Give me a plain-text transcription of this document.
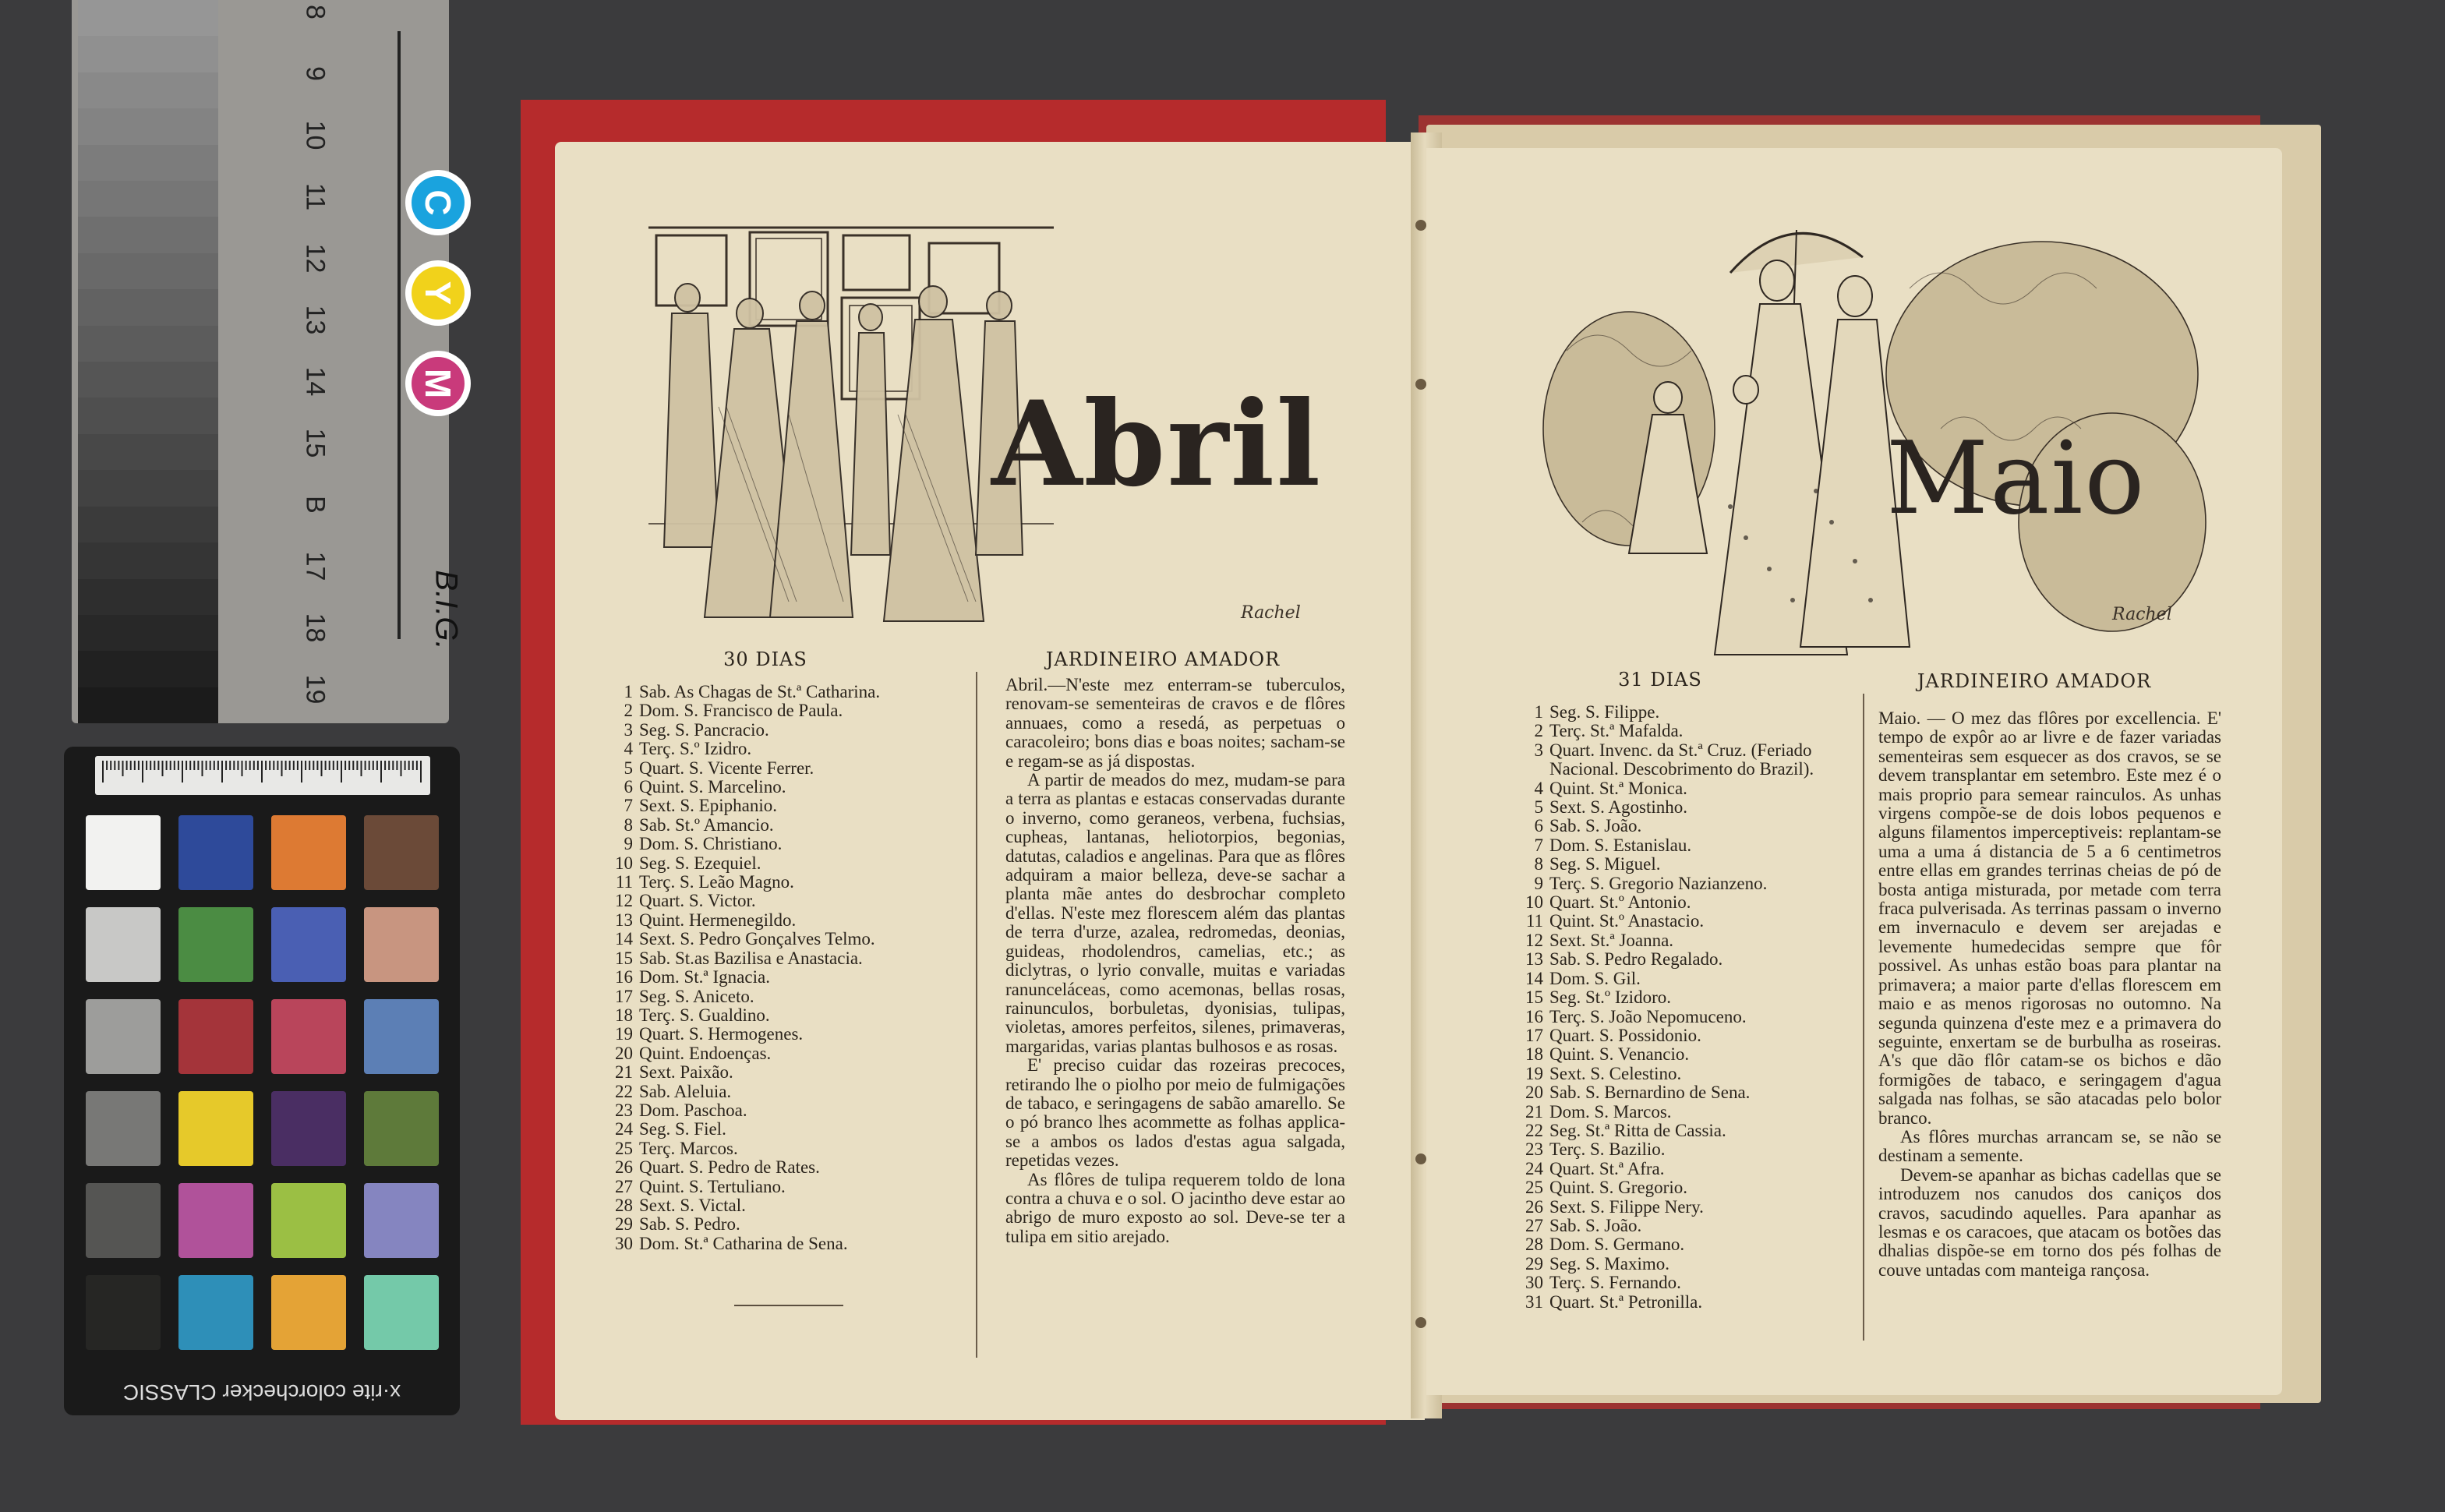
8
9
10
11
12
13
14
15
B
17
18
19
C
Y
M
B.I.G.
x·rite colorchecker CLASSIC
Abril
Rachel
30 DIAS	JARDINEIRO AMADOR
1 Sab. As Chagas de St.ª Catharina.
2 Dom. S. Francisco de Paula.
3 Seg. S. Pancracio.
4 Terç. S.º Izidro.
5 Quart. S. Vicente Ferrer.
6 Quint. S. Marcelino.
7 Sext. S. Epiphanio.
8 Sab. St.º Amancio.
9 Dom. S. Christiano.
10 Seg. S. Ezequiel.
11 Terç. S. Leão Magno.
12 Quart. S. Victor.
13 Quint. Hermenegildo.
14 Sext. S. Pedro Gonçalves Telmo.
15 Sab. St.as Bazilisa e Anastacia.
16 Dom. St.ª Ignacia.
17 Seg. S. Aniceto.
18 Terç. S. Gualdino.
19 Quart. S. Hermogenes.
20 Quint. Endoenças.
21 Sext. Paixão.
22 Sab. Aleluia.
23 Dom. Paschoa.
24 Seg. S. Fiel.
25 Terç. Marcos.
26 Quart. S. Pedro de Rates.
27 Quint. S. Tertuliano.
28 Sext. S. Victal.
29 Sab. S. Pedro.
30 Dom. St.ª Catharina de Sena.

Abril.—N'este mez enterram-se tuberculos, renovam-se sementeiras de cravos e de flôres annuaes, como a resedá, as perpetuas o caracoleiro; bons dias e boas noites; sacham-se e regam-se as já dispostas.

A partir de meados do mez, mudam-se para a terra as plantas e estacas conservadas durante o inverno, como geraneos, verbena, fuchsias, cupheas, lantanas, heliotorpios, begonias, datutas, caladios e angelinas. Para que as flôres adquiram a maior belleza, deve-se sachar a planta mãe antes do desbrochar completo d'ellas. N'este mez florescem além das plantas de terra d'urze, azalea, redromedas, deonias, guideas, rhodolendros, camelias, etc.; as diclytras, o lyrio convalle, muitas e variadas ranunceláceas, como acemonas, bellas rosas, rainunculos, borbuletas, dyonisias, tulipas, violetas, amores perfeitos, silenes, primaveras, margaridas, varias plantas bulhosos e as rosas.

E' preciso cuidar das rozeiras precoces, retirando lhe o piolho por meio de fulmigações de tabaco, e seringagens de sabão amarello. Se o pó branco lhes acommette as folhas applica-se a ambos os lados d'estas agua salgada, repetidas vezes.

As flôres de tulipa requerem toldo de lona contra a chuva e o sol. O jacintho deve estar ao abrigo de muro exposto ao sol. Deve-se ter a tulipa em sitio arejado.

Maio
Rachel
31 DIAS	JARDINEIRO AMADOR
1 Seg. S. Filippe.
2 Terç. St.ª Mafalda.
3 Quart. Invenc. da St.ª Cruz. (Feriado Nacional. Descobrimento do Brazil).
4 Quint. St.ª Monica.
5 Sext. S. Agostinho.
6 Sab. S. João.
7 Dom. S. Estanislau.
8 Seg. S. Miguel.
9 Terç. S. Gregorio Nazianzeno.
10 Quart. St.º Antonio.
11 Quint. St.º Anastacio.
12 Sext. St.ª Joanna.
13 Sab. S. Pedro Regalado.
14 Dom. S. Gil.
15 Seg. St.º Izidoro.
16 Terç. S. João Nepomuceno.
17 Quart. S. Possidonio.
18 Quint. S. Venancio.
19 Sext. S. Celestino.
20 Sab. S. Bernardino de Sena.
21 Dom. S. Marcos.
22 Seg. St.ª Ritta de Cassia.
23 Terç. S. Bazilio.
24 Quart. St.ª Afra.
25 Quint. S. Gregorio.
26 Sext. S. Filippe Nery.
27 Sab. S. João.
28 Dom. S. Germano.
29 Seg. S. Maximo.
30 Terç. S. Fernando.
31 Quart. St.ª Petronilla.

Maio. — O mez das flôres por excellencia. E' tempo de expôr ao ar livre e de fazer variadas sementeiras sem esquecer as dos cravos, se se devem transplantar em setembro. Este mez é o mais proprio para semear rainculos. As unhas virgens compõe-se de dois lobos pequenos e alguns filamentos imperceptiveis: replantam-se uma a uma á distancia de 5 a 6 centimetros entre ellas em grandes terrinas cheias de pó de bosta antiga misturada, por metade com terra fraca pulverisada. As terrinas passam o inverno em invernaculo e devem ser arejadas e levemente humedecidas sempre que fôr possivel. As unhas estão boas para plantar na primavera; a maior parte d'ellas florescem em maio e as menos rigorosas no outomno. Na segunda quinzena d'este mez e a primavera do seguinte, enxertam se de burbulha as roseiras. A's que dão flôr catam-se os bichos e dão formigões de tabaco, e seringagem d'agua salgada nas folhas, se são atacadas pelo bolor branco.

As flôres murchas arrancam se, se não se destinam a semente.

Devem-se apanhar as bichas cadellas que se introduzem nos canudos dos caniços dos cravos, sacudindo aquelles. Para apanhar as lesmas e os caracoes, que atacam os botões das dhalias dispõe-se em torno dos pés folhas de couve untadas com manteiga rançosa.
